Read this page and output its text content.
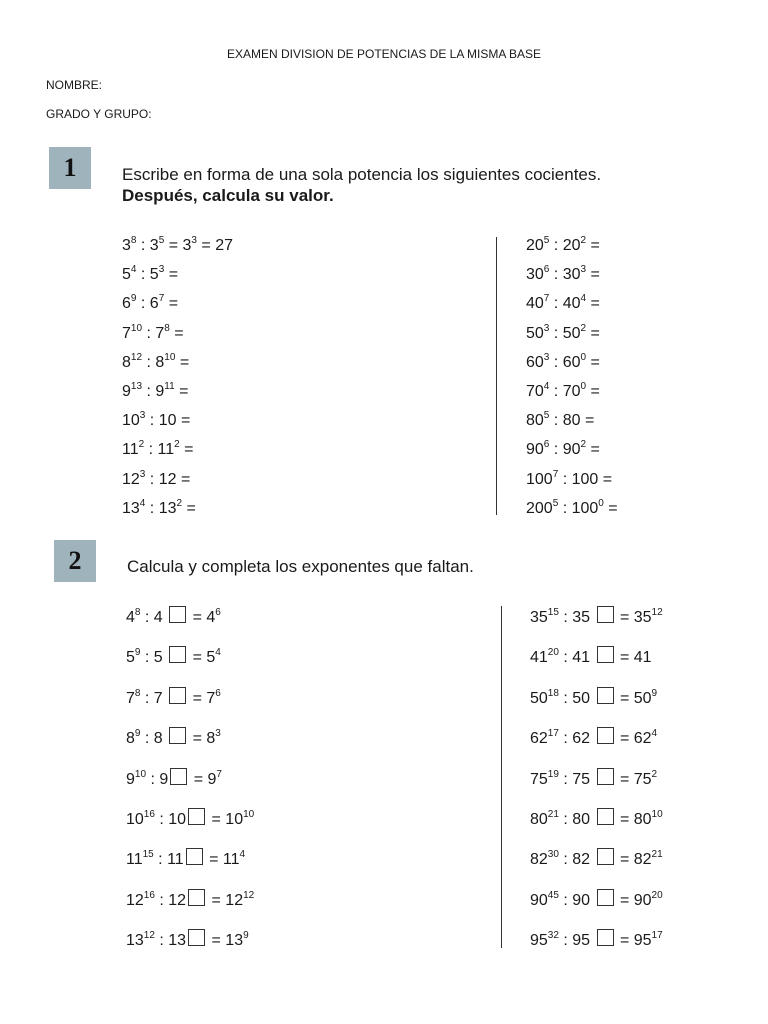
EXAMEN DIVISION DE POTENCIAS DE LA MISMA BASE
NOMBRE:
GRADO Y GRUPO:
1	Escribe en forma de una sola potencia los siguientes cocientes.
Después, calcula su valor.
$3^8$ : $3^5 = 3^3 = 27$
$5^4$ : $5^3$ =
$6^9$ : $6^7$ =
$7^{10}$ : $7^8$ =
$8^{12}$ : $8^{10}$ =
$9^{13}$ : $9^{11}$ =
$10^3$ : 10 =
$11^2$ : $11^2$ =
$12^3$ : 12 =
$13^4$ : $13^2$ =
$20^5$ : $20^2$ =
$30^6$ : $30^3$ =
$40^7$ : $40^4$ =
$50^3$ : $50^2$ =
$60^3$ : $60^0$ =
$70^4$ : $70^0$ =
$80^5$ : 80 =
$90^6$ : $90^2$ =
$100^7$ : 100 =
$200^5$ : $100^0$ =
2	Calcula y completa los exponentes que faltan.
$4^8$ : $4 = 4^6$
$5^9$ : $5 = 5^4$
$7^8$ : $7 = 7^6$
$8^9$ : $8 = 8^3$
$9^{10}$ : $9 = 9^7$
$10^{16}$ : $10 = 10^{10}$
$11^{15}$ : $11 = 11^4$
$12^{16}$ : $12 = 12^{12}$
$13^{12}$ : $13 = 13^9$
$35^{15}$ : $35 = 35^{12}$
$41^{20}$ : 41  = 41
$50^{18}$ : $50 = 50^9$
$62^{17}$ : $62 = 62^4$
$75^{19}$ : $75 = 75^2$
$80^{21}$ : $80 = 80^{10}$
$82^{30}$ : $82 = 82^{21}$
$90^{45}$ : $90 = 90^{20}$
$95^{32}$ : $95 = 95^{17}$
